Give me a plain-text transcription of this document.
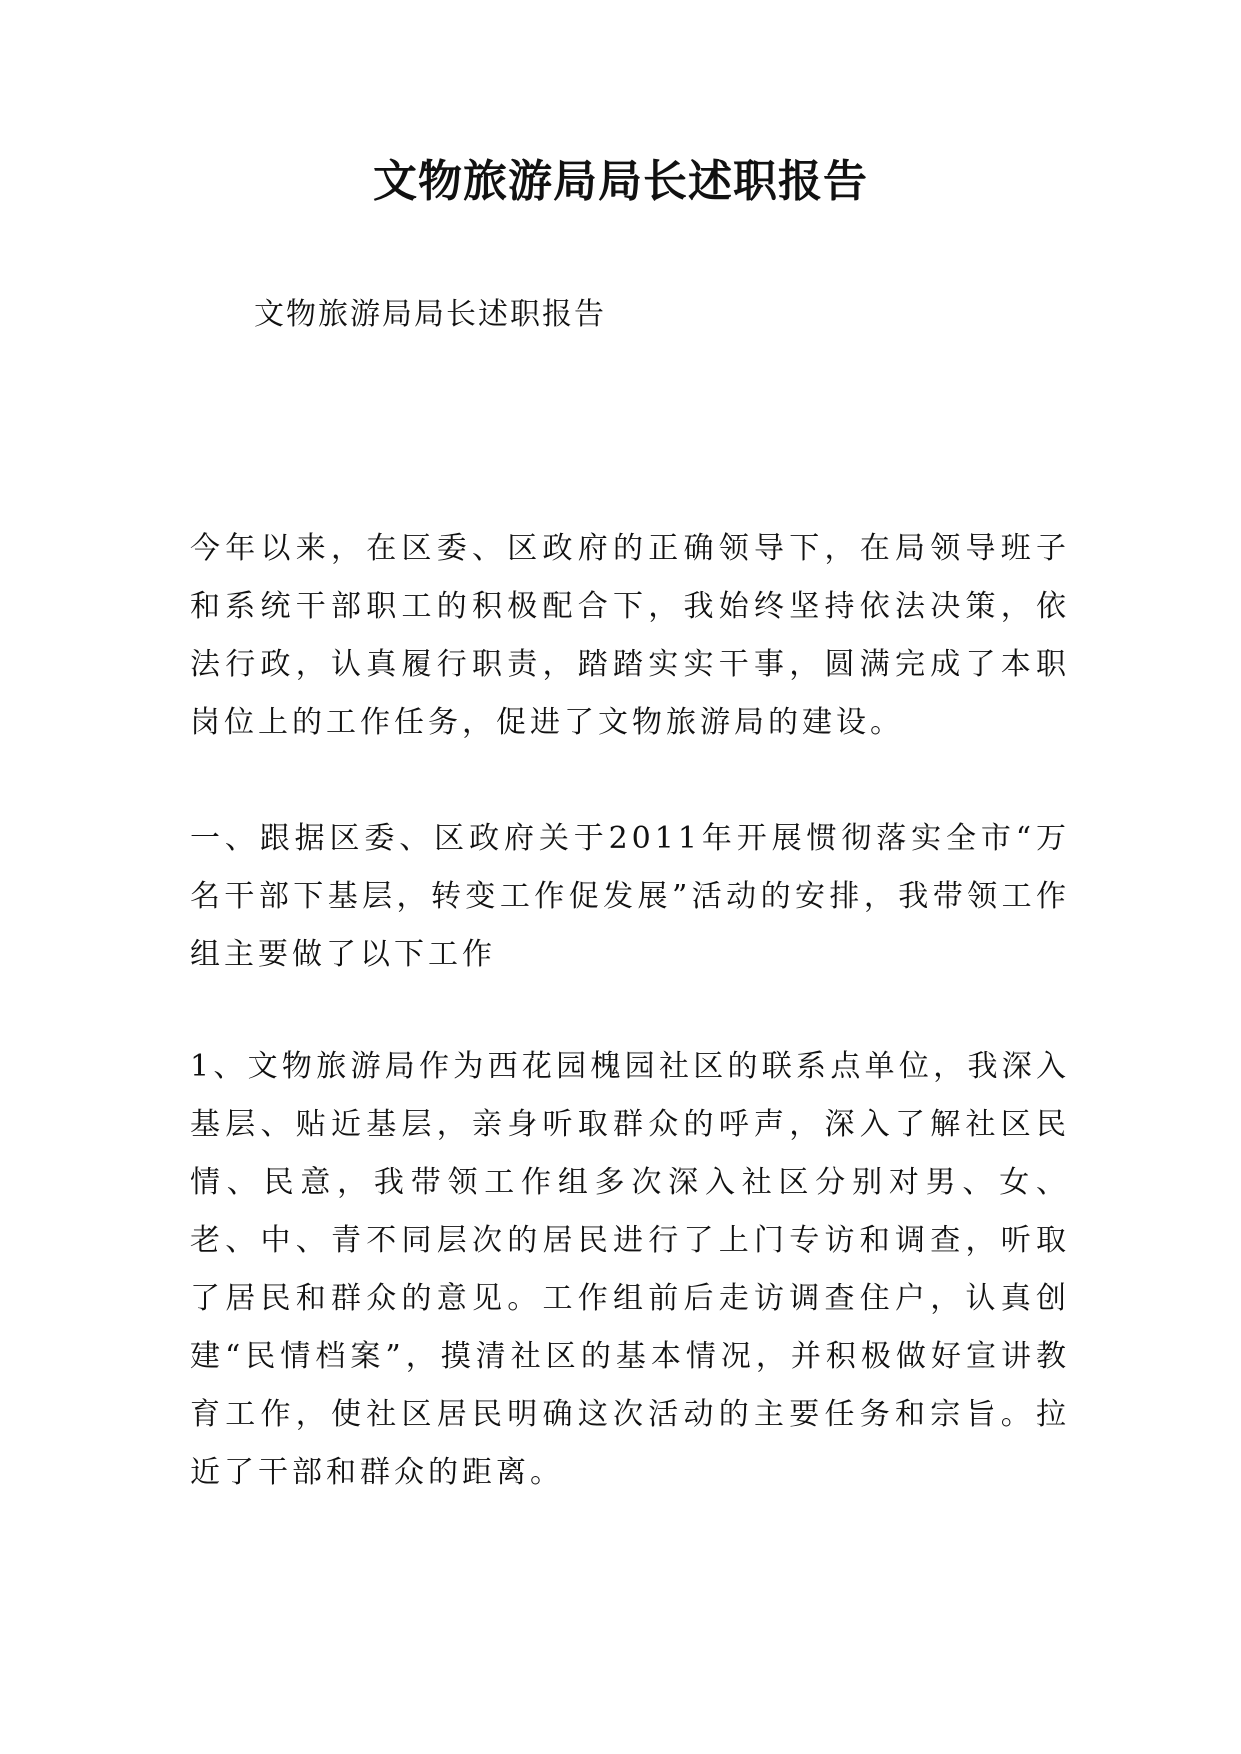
文物旅游局局长述职报告

文物旅游局局长述职报告

今年以来，在区委、区政府的正确领导下，在局领导班子和系统干部职工的积极配合下，我始终坚持依法决策，依法行政，认真履行职责，踏踏实实干事，圆满完成了本职岗位上的工作任务，促进了文物旅游局的建设。

一、跟据区委、区政府关于2011年开展惯彻落实全市“万名干部下基层，转变工作促发展”活动的安排，我带领工作组主要做了以下工作

1、文物旅游局作为西花园槐园社区的联系点单位，我深入基层、贴近基层，亲身听取群众的呼声，深入了解社区民情、民意，我带领工作组多次深入社区分别对男、女、老、中、青不同层次的居民进行了上门专访和调查，听取了居民和群众的意见。工作组前后走访调查住户，认真创建“民情档案”，摸清社区的基本情况，并积极做好宣讲教育工作，使社区居民明确这次活动的主要任务和宗旨。拉近了干部和群众的距离。
